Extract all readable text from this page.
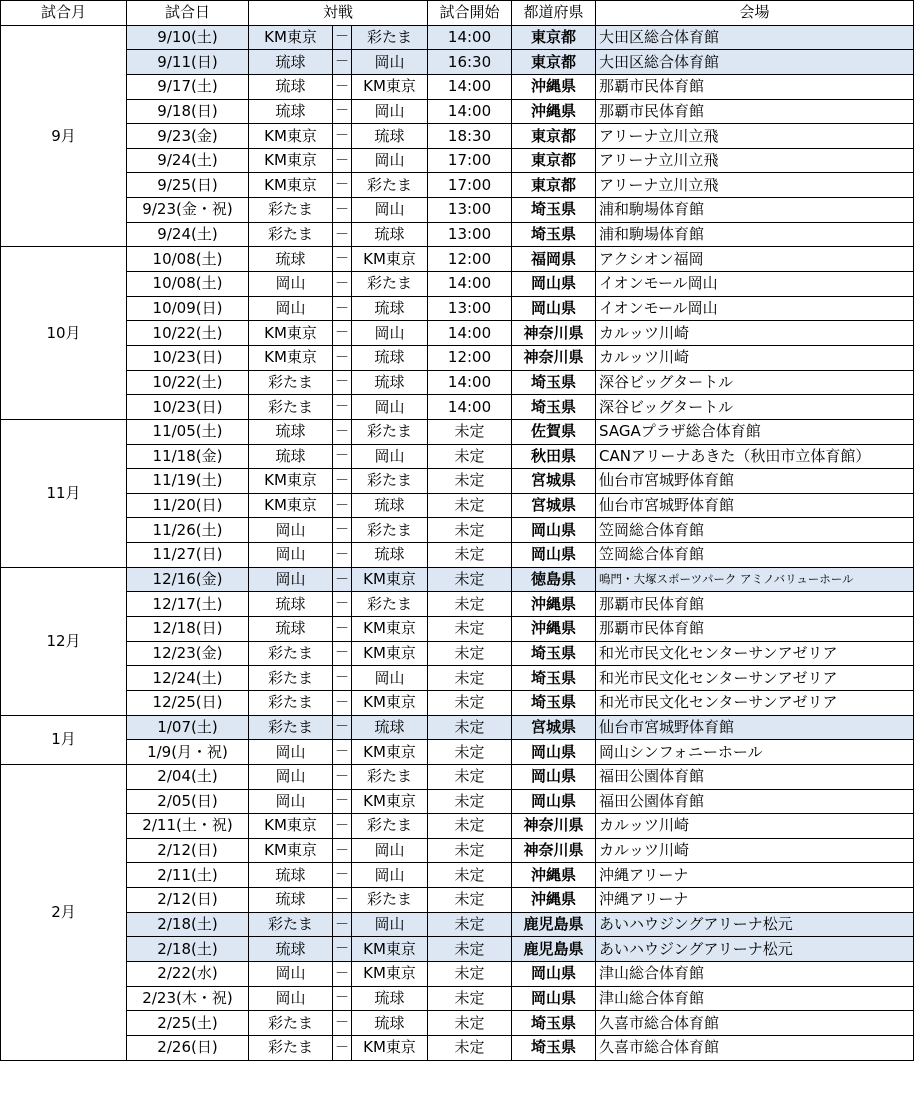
試合月	試合日	対戦			試合開始	都道府県	会場
9月	9/10(土)	KM東京	－	彩たま	14:00	東京都	大田区総合体育館
	9/11(日)	琉球	－	岡山	16:30	東京都	大田区総合体育館
	9/17(土)	琉球	－	KM東京	14:00	沖縄県	那覇市民体育館
	9/18(日)	琉球	－	岡山	14:00	沖縄県	那覇市民体育館
	9/23(金)	KM東京	－	琉球	18:30	東京都	アリーナ立川立飛
	9/24(土)	KM東京	－	岡山	17:00	東京都	アリーナ立川立飛
	9/25(日)	KM東京	－	彩たま	17:00	東京都	アリーナ立川立飛
	9/23(金・祝)	彩たま	－	岡山	13:00	埼玉県	浦和駒場体育館
	9/24(土)	彩たま	－	琉球	13:00	埼玉県	浦和駒場体育館
10月	10/08(土)	琉球	－	KM東京	12:00	福岡県	アクシオン福岡
	10/08(土)	岡山	－	彩たま	14:00	岡山県	イオンモール岡山
	10/09(日)	岡山	－	琉球	13:00	岡山県	イオンモール岡山
	10/22(土)	KM東京	－	岡山	14:00	神奈川県	カルッツ川崎
	10/23(日)	KM東京	－	琉球	12:00	神奈川県	カルッツ川崎
	10/22(土)	彩たま	－	琉球	14:00	埼玉県	深谷ビッグタートル
	10/23(日)	彩たま	－	岡山	14:00	埼玉県	深谷ビッグタートル
11月	11/05(土)	琉球	－	彩たま	未定	佐賀県	SAGAプラザ総合体育館
	11/18(金)	琉球	－	岡山	未定	秋田県	CANアリーナあきた（秋田市立体育館）
	11/19(土)	KM東京	－	彩たま	未定	宮城県	仙台市宮城野体育館
	11/20(日)	KM東京	－	琉球	未定	宮城県	仙台市宮城野体育館
	11/26(土)	岡山	－	彩たま	未定	岡山県	笠岡総合体育館
	11/27(日)	岡山	－	琉球	未定	岡山県	笠岡総合体育館
12月	12/16(金)	岡山	－	KM東京	未定	徳島県	鳴門・大塚スポーツパーク アミノバリューホール
	12/17(土)	琉球	－	彩たま	未定	沖縄県	那覇市民体育館
	12/18(日)	琉球	－	KM東京	未定	沖縄県	那覇市民体育館
	12/23(金)	彩たま	－	KM東京	未定	埼玉県	和光市民文化センターサンアゼリア
	12/24(土)	彩たま	－	岡山	未定	埼玉県	和光市民文化センターサンアゼリア
	12/25(日)	彩たま	－	KM東京	未定	埼玉県	和光市民文化センターサンアゼリア
1月	1/07(土)	彩たま	－	琉球	未定	宮城県	仙台市宮城野体育館
	1/9(月・祝)	岡山	－	KM東京	未定	岡山県	岡山シンフォニーホール
2月	2/04(土)	岡山	－	彩たま	未定	岡山県	福田公園体育館
	2/05(日)	岡山	－	KM東京	未定	岡山県	福田公園体育館
	2/11(土・祝)	KM東京	－	彩たま	未定	神奈川県	カルッツ川崎
	2/12(日)	KM東京	－	岡山	未定	神奈川県	カルッツ川崎
	2/11(土)	琉球	－	岡山	未定	沖縄県	沖縄アリーナ
	2/12(日)	琉球	－	彩たま	未定	沖縄県	沖縄アリーナ
	2/18(土)	彩たま	－	岡山	未定	鹿児島県	あいハウジングアリーナ松元
	2/18(土)	琉球	－	KM東京	未定	鹿児島県	あいハウジングアリーナ松元
	2/22(水)	岡山	－	KM東京	未定	岡山県	津山総合体育館
	2/23(木・祝)	岡山	－	琉球	未定	岡山県	津山総合体育館
	2/25(土)	彩たま	－	琉球	未定	埼玉県	久喜市総合体育館
	2/26(日)	彩たま	－	KM東京	未定	埼玉県	久喜市総合体育館
